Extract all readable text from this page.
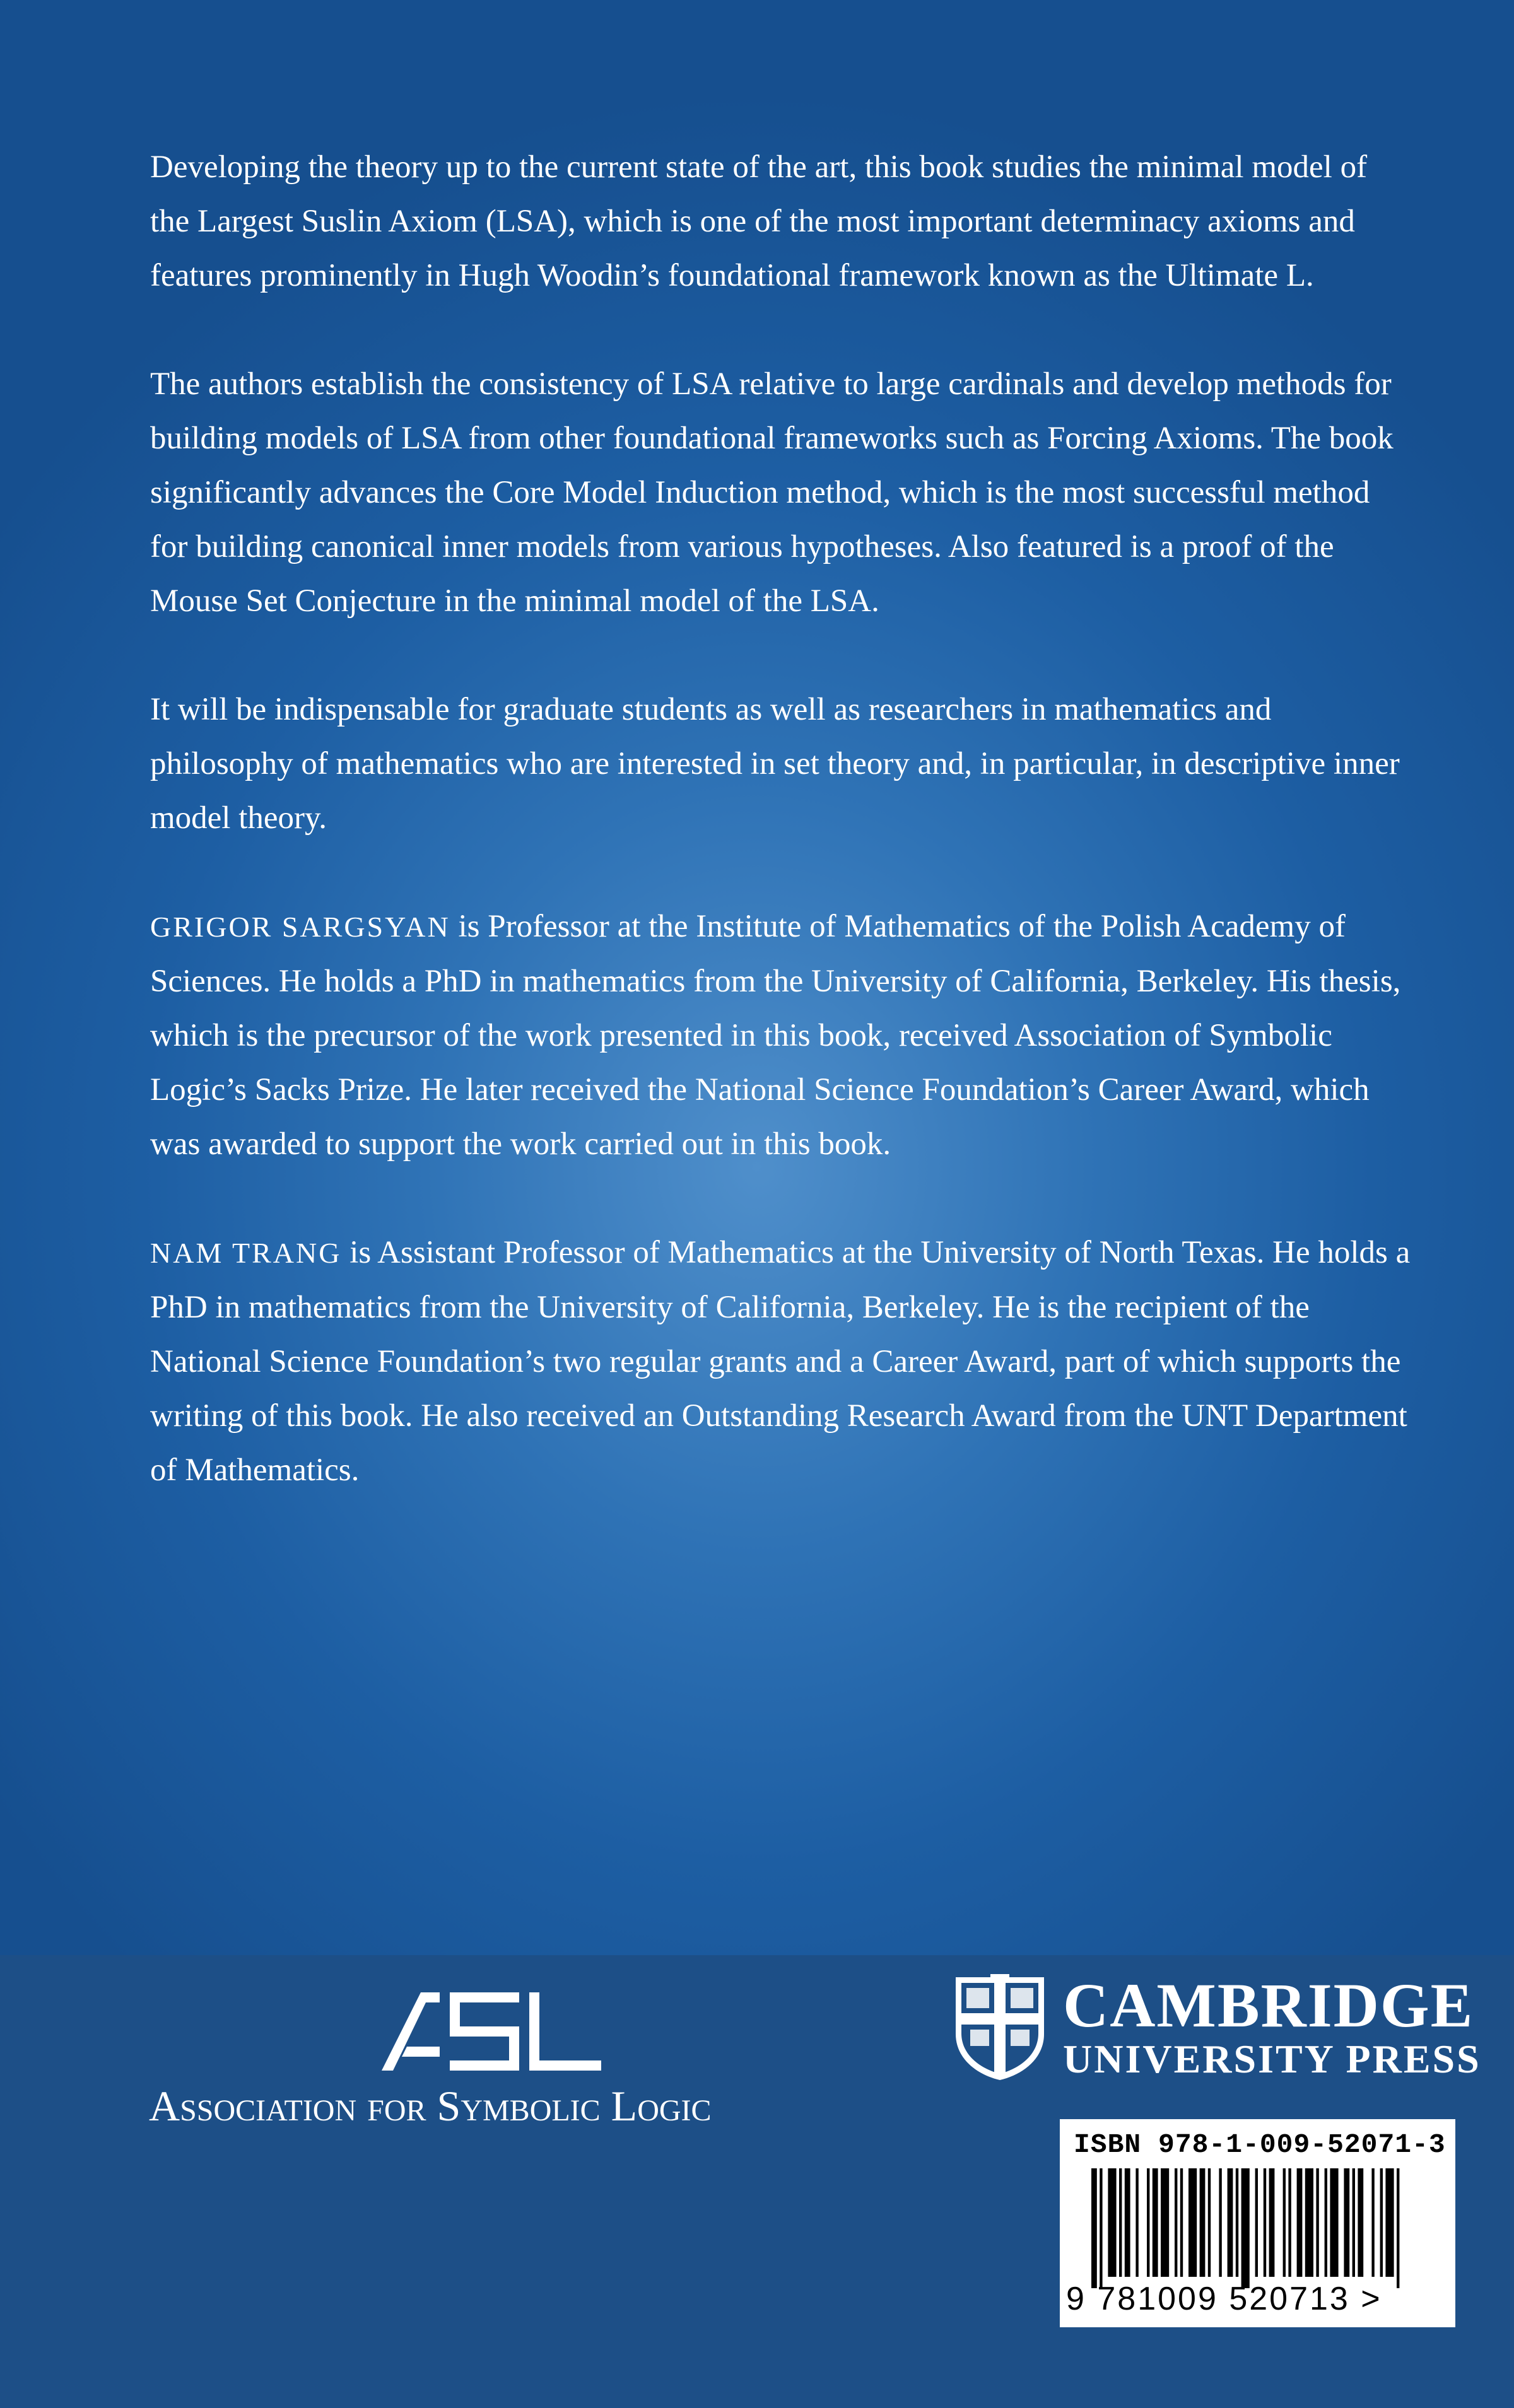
Developing the theory up to the current state of the art, this book studies the minimal model of the Largest Suslin Axiom (LSA), which is one of the most important determinacy axioms and features prominently in Hugh Woodin’s foundational framework known as the Ultimate L.

The authors establish the consistency of LSA relative to large cardinals and develop methods for building models of LSA from other foundational frameworks such as Forcing Axioms. The book significantly advances the Core Model Induction method, which is the most successful method for building canonical inner models from various hypotheses. Also featured is a proof of the Mouse Set Conjecture in the minimal model of the LSA.

It will be indispensable for graduate students as well as researchers in mathematics and philosophy of mathematics who are interested in set theory and, in particular, in descriptive inner model theory.

GRIGOR SARGSYAN is Professor at the Institute of Mathematics of the Polish Academy of Sciences. He holds a PhD in mathematics from the University of California, Berkeley. His thesis, which is the precursor of the work presented in this book, received Association of Symbolic Logic’s Sacks Prize. He later received the National Science Foundation’s Career Award, which was awarded to support the work carried out in this book.

NAM TRANG is Assistant Professor of Mathematics at the University of North Texas. He holds a PhD in mathematics from the University of California, Berkeley. He is the recipient of the National Science Foundation’s two regular grants and a Career Award, part of which supports the writing of this book. He also received an Outstanding Research Award from the UNT Department of Mathematics.

Association for Symbolic Logic
CAMBRIDGE
UNIVERSITY PRESS
ISBN 978-1-009-52071-3
9 781009 520713 >
